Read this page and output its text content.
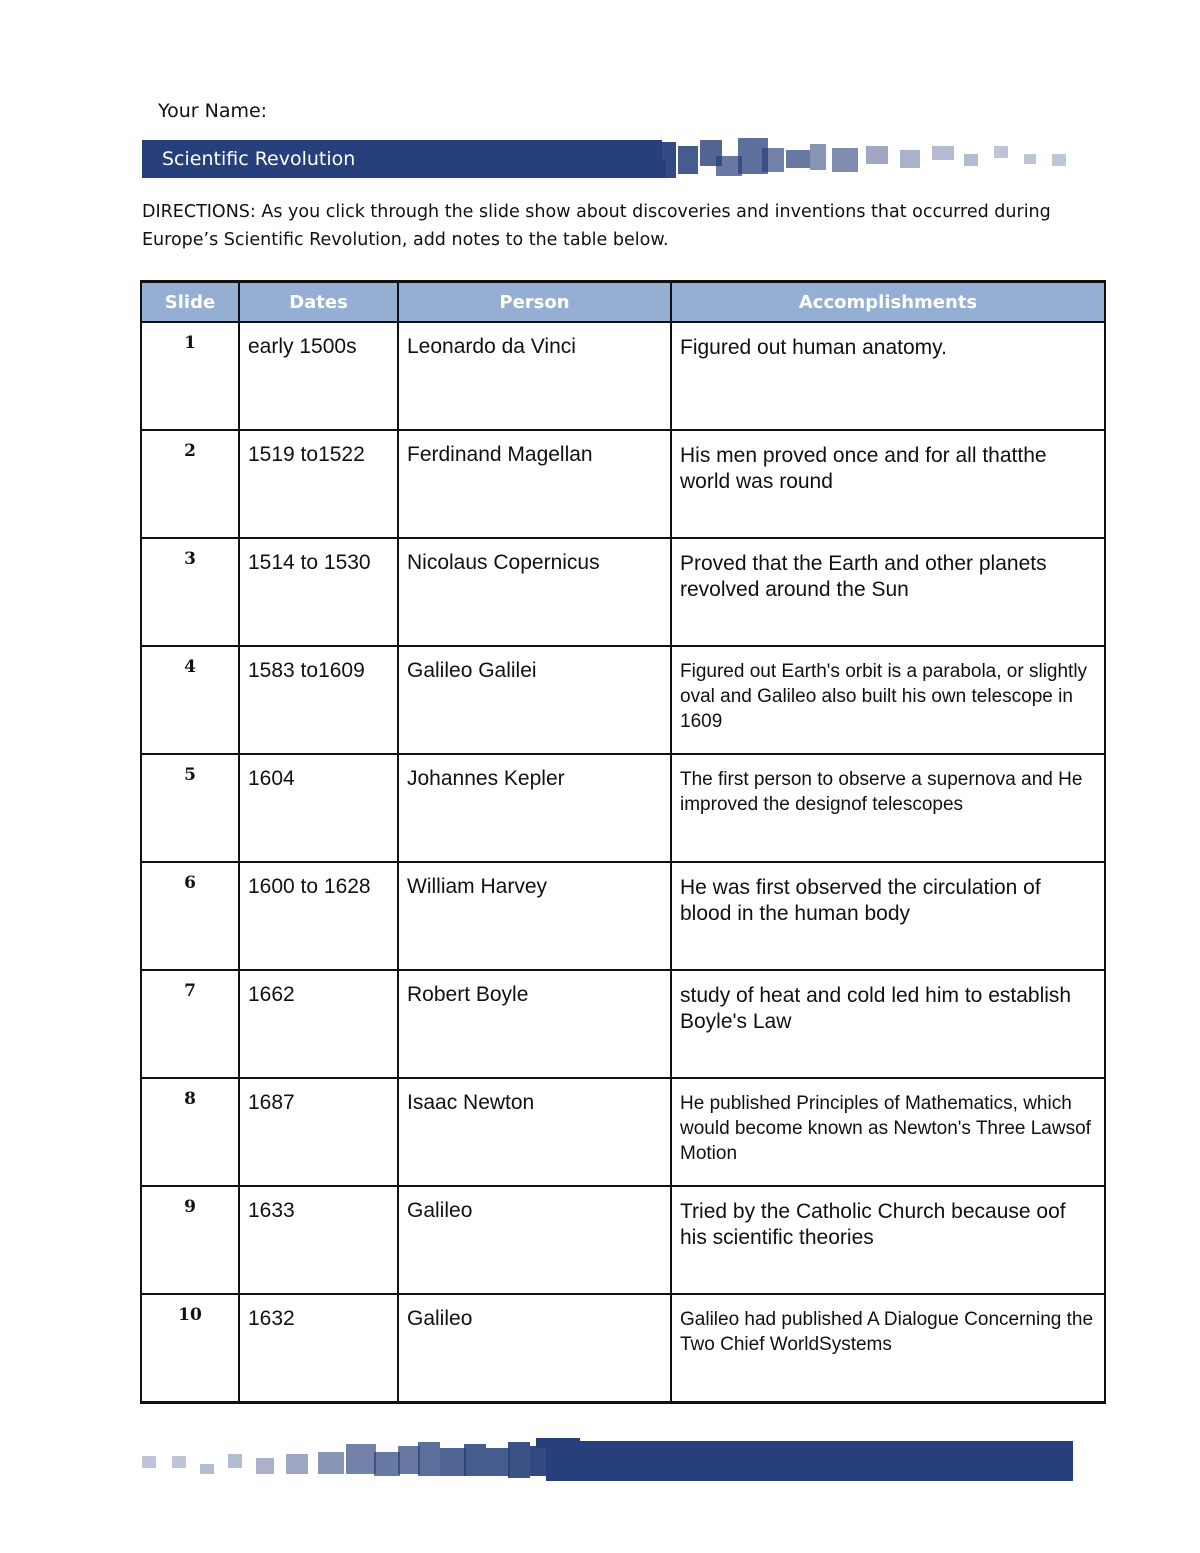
Your Name:
Scientific Revolution
DIRECTIONS: As you click through the slide show about discoveries and inventions that occurred during Europe’s Scientific Revolution, add notes to the table below.
Slide	Dates	Person	Accomplishments
1	early 1500s	Leonardo da Vinci	Figured out human anatomy.
2	1519 to1522	Ferdinand Magellan	His men proved once and for all thatthe world was round
3	1514 to 1530	Nicolaus Copernicus	Proved that the Earth and other planets revolved around the Sun
4	1583 to1609	Galileo Galilei	Figured out Earth's orbit is a parabola, or slightly oval and Galileo also built his own telescope in 1609
5	1604	Johannes Kepler	The first person to observe a supernova and He improved the designof telescopes
6	1600 to 1628	William Harvey	He was first observed the circulation of blood in the human body
7	1662	Robert Boyle	study of heat and cold led him to establish Boyle's Law
8	1687	Isaac Newton	He published Principles of Mathematics, which would become known as Newton's Three Lawsof Motion
9	1633	Galileo	Tried by the Catholic Church because oof his scientific theories
10	1632	Galileo	Galileo had published A Dialogue Concerning the Two Chief WorldSystems
